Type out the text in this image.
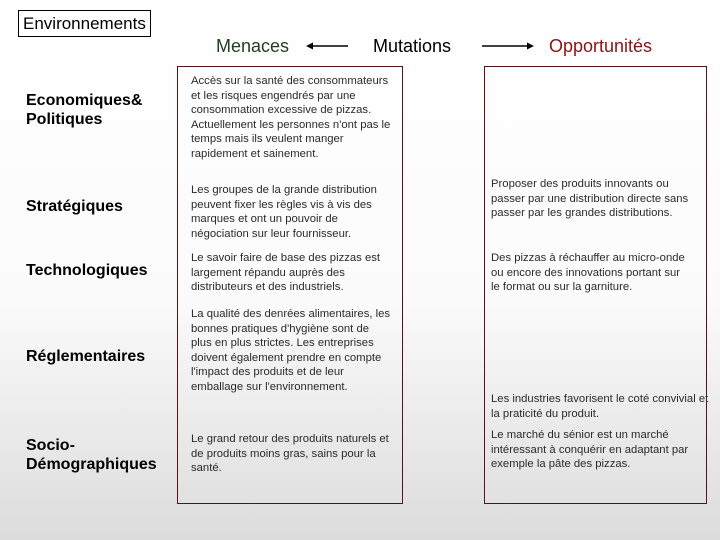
Environnements
Menaces	Mutations	Opportunités
Economiques& Politiques
Stratégiques
Technologiques
Réglementaires
Socio-Démographiques
Accès sur la santé des consommateurs et les risques engendrés par une consommation excessive de pizzas. Actuellement les personnes n'ont pas le temps mais ils veulent manger rapidement et sainement.
Les groupes de la grande distribution peuvent fixer les règles vis à vis des marques et ont un pouvoir de négociation sur leur fournisseur.
Le savoir faire de base des pizzas est largement répandu auprès des distributeurs et des industriels.
La qualité des denrées alimentaires, les bonnes pratiques d'hygiène sont de plus en plus strictes. Les entreprises doivent également prendre en compte l'impact des produits et de leur emballage sur l'environnement.
Le grand retour des produits naturels et de produits moins gras, sains pour la santé.
Proposer des produits innovants ou passer par une distribution directe sans passer par les grandes distributions.
Des pizzas à réchauffer au micro-onde ou encore des innovations portant sur le format ou sur la garniture.
Les industries favorisent le coté convivial et la praticité du produit.
Le marché du sénior est un marché intéressant à conquérir en adaptant par exemple la pâte des pizzas.
